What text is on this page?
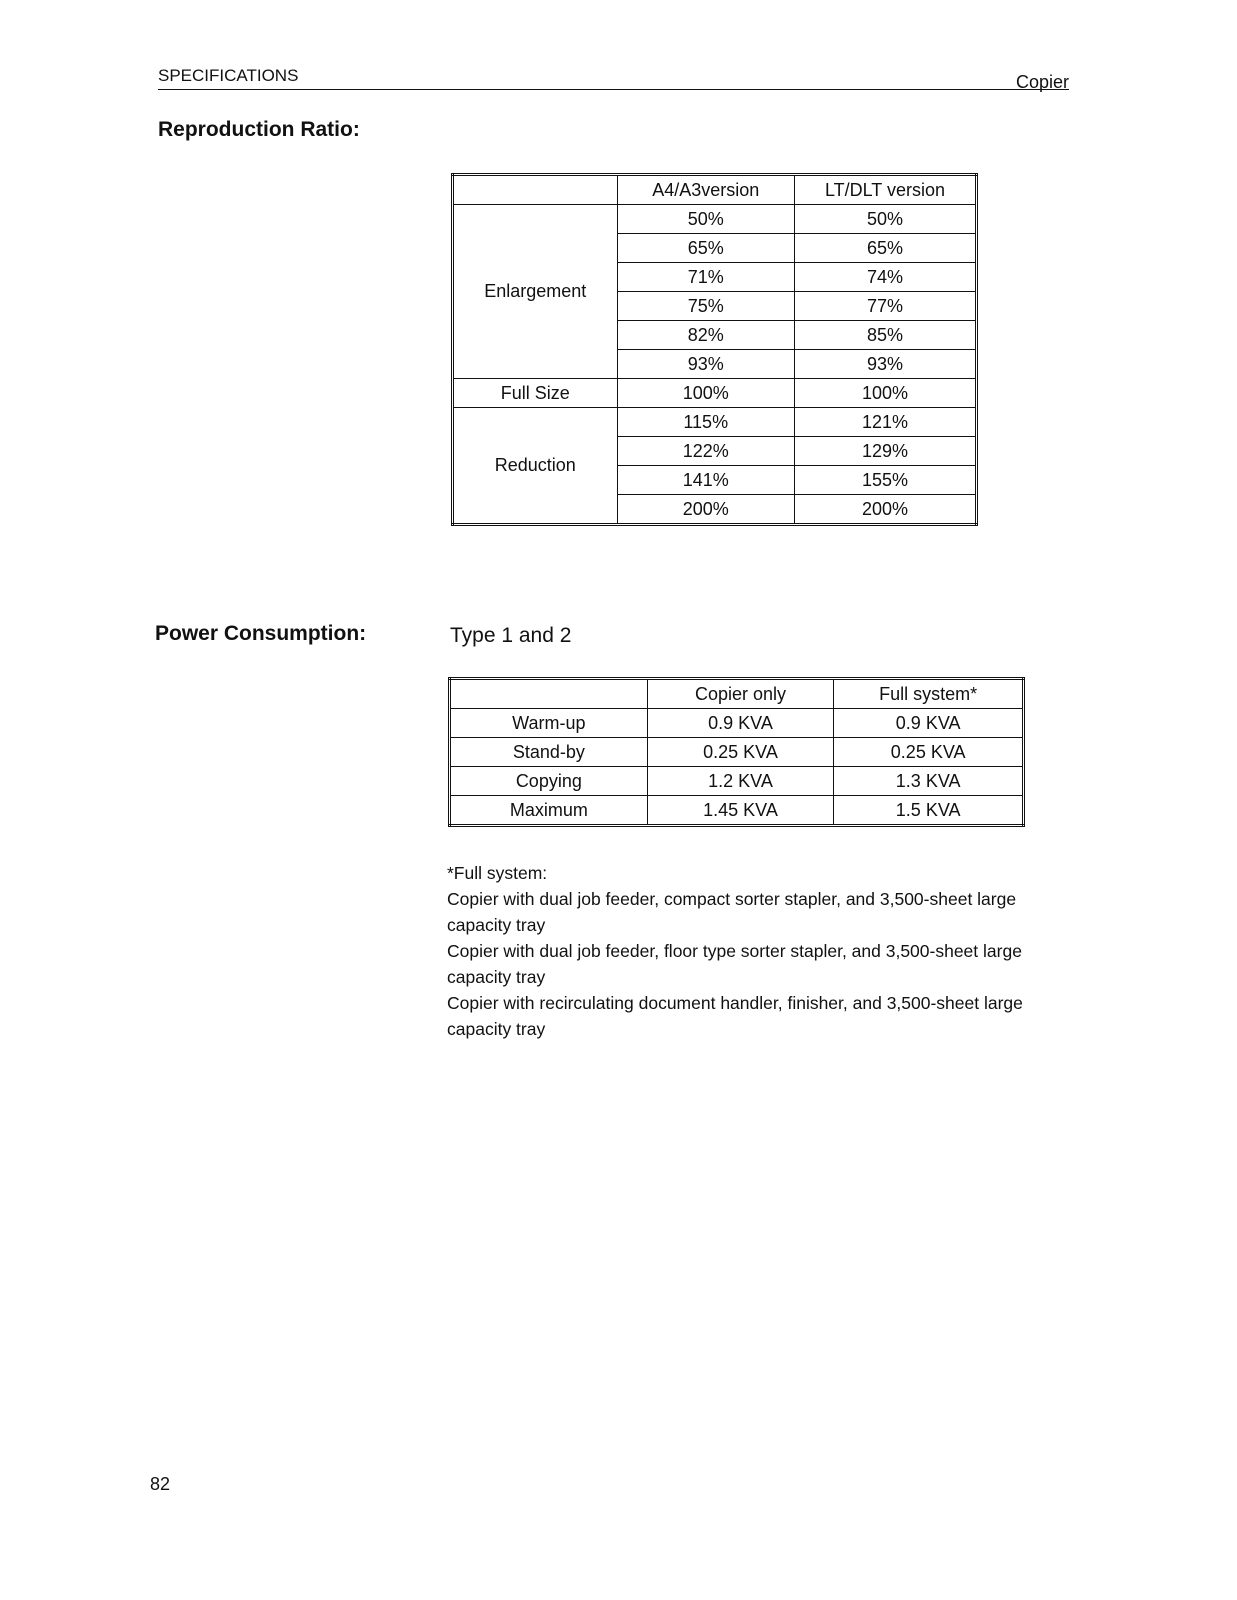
SPECIFICATIONS	Copier
Reproduction Ratio:
	A4/A3version	LT/DLT version
Enlargement	50%	50%
	65%	65%
	71%	74%
	75%	77%
	82%	85%
	93%	93%
Full Size	100%	100%
Reduction	115%	121%
	122%	129%
	141%	155%
	200%	200%
Power Consumption:	Type 1 and 2
	Copier only	Full system*
Warm-up	0.9 KVA	0.9 KVA
Stand-by	0.25 KVA	0.25 KVA
Copying	1.2 KVA	1.3 KVA
Maximum	1.45 KVA	1.5 KVA

*Full system:

Copier with dual job feeder, compact sorter stapler, and 3,500-sheet large capacity tray

Copier with dual job feeder, floor type sorter stapler, and 3,500-sheet large capacity tray

Copier with recirculating document handler, finisher, and 3,500-sheet large capacity tray

82
